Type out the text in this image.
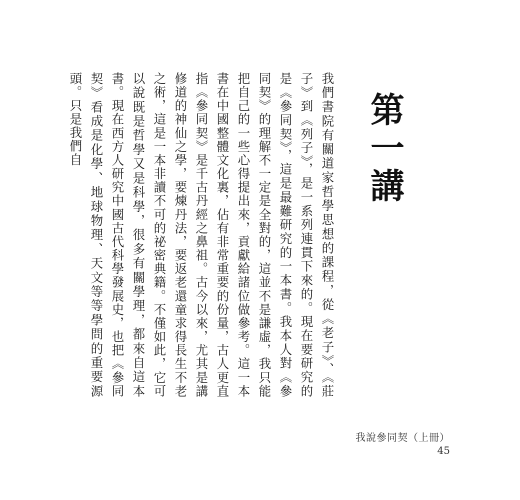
第一講
我們書院有關道家哲學思想的課程，從《老子》、《莊子》到《列子》，是一系列連貫下來的。現在要研究的是《參同契》，這是最難研究的一本書。我本人對《參同契》的理解不一定是全對的，這並不是謙虛，我只能把自己的一些心得提出來，貢獻給諸位做參考。這一本書在中國整體文化裏，佔有非常重要的份量，古人更直指《參同契》是千古丹經之鼻祖。古今以來，尤其是講修道的神仙之學，要煉丹法，要返老還童求得長生不老之術，這是一本非讀不可的祕密典籍。不僅如此，它可以說既是哲學又是科學，很多有關學理，都來自這本書。現在西方人研究中國古代科學發展史，也把《參同契》看成是化學、地球物理、天文等等學問的重要源頭。只是我們自
我說參同契（上冊）
45
